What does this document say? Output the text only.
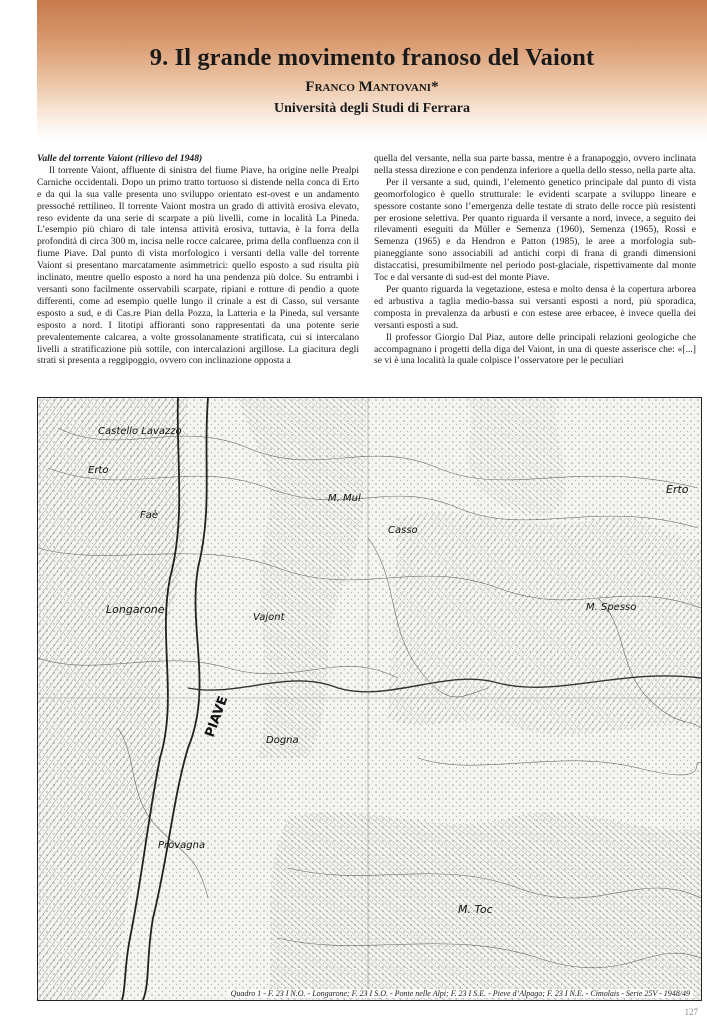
9. Il grande movimento franoso del Vaiont

Franco Mantovani*

Università degli Studi di Ferrara

Valle del torrente Vaiont (rilievo del 1948)

Il torrente Vaiont, affluente di sinistra del fiume Piave, ha origine nelle Prealpi Carniche occidentali. Dopo un primo tratto tortuoso si distende nella conca di Erto e da qui la sua valle presenta uno sviluppo orientato est-ovest e un andamento pressoché rettilineo. Il torrente Vaiont mostra un grado di attività erosiva elevato, reso evidente da una serie di scarpate a più livelli, come in località La Pineda. L’esempio più chiaro di tale intensa attività erosiva, tuttavia, è la forra della profondità di circa 300 m, incisa nelle rocce calcaree, prima della confluenza con il fiume Piave. Dal punto di vista morfologico i versanti della valle del torrente Vaiont si presentano marcatamente asimmetrici: quello esposto a sud risulta più inclinato, mentre quello esposto a nord ha una pendenza più dolce. Su entrambi i versanti sono facilmente osservabili scarpate, ripiani e rotture di pendio a quote differenti, come ad esempio quelle lungo il crinale a est di Casso, sul versante esposto a sud, e di Cas.re Pian della Pozza, la Latteria e la Pineda, sul versante esposto a nord. I litotipi affioranti sono rappresentati da una potente serie prevalentemente calcarea, a volte grossolanamente stratificata, cui si intercalano livelli a stratificazione più sottile, con intercalazioni argillose. La giacitura degli strati si presenta a reggipoggio, ovvero con inclinazione opposta a

quella del versante, nella sua parte bassa, mentre è a franapoggio, ovvero inclinata nella stessa direzione e con pendenza inferiore a quella dello stesso, nella parte alta.

Per il versante a sud, quindi, l’elemento genetico principale dal punto di vista geomorfologico è quello strutturale: le evidenti scarpate a sviluppo lineare e spessore costante sono l’emergenza delle testate di strato delle rocce più resistenti per erosione selettiva. Per quanto riguarda il versante a nord, invece, a seguito dei rilevamenti eseguiti da Müller e Semenza (1960), Semenza (1965), Rossi e Semenza (1965) e da Hendron e Patton (1985), le aree a morfologia sub-pianeggiante sono associabili ad antichi corpi di frana di grandi dimensioni distaccatisi, presumibilmente nel periodo post-glaciale, rispettivamente dal monte Toc e dal versante di sud-est del monte Piave.

Per quanto riguarda la vegetazione, estesa e molto densa è la copertura arborea ed arbustiva a taglia medio-bassa sui versanti esposti a nord, più sporadica, composta in prevalenza da arbusti e con estese aree erbacee, è invece quella dei versanti esposti a sud.

Il professor Giorgio Dal Piaz, autore delle principali relazioni geologiche che accompagnano i progetti della diga del Vaiont, in una di queste asserisce che: «[...] se vi è una località la quale colpisce l’osservatore per le peculiari

Castello Lavazzo
Erto
Longarone
M. Mul
Casso
Vajont
PIAVE
Erto
M. Spesso
M. Toc
Provagna
Dogna
Faè

Quadro 1 - F. 23 I N.O. - Longarone; F. 23 I S.O. - Ponte nelle Alpi; F. 23 I S.E. - Pieve d’Alpago; F. 23 I N.E. - Cimolais - Serie 25V - 1948/49

127
